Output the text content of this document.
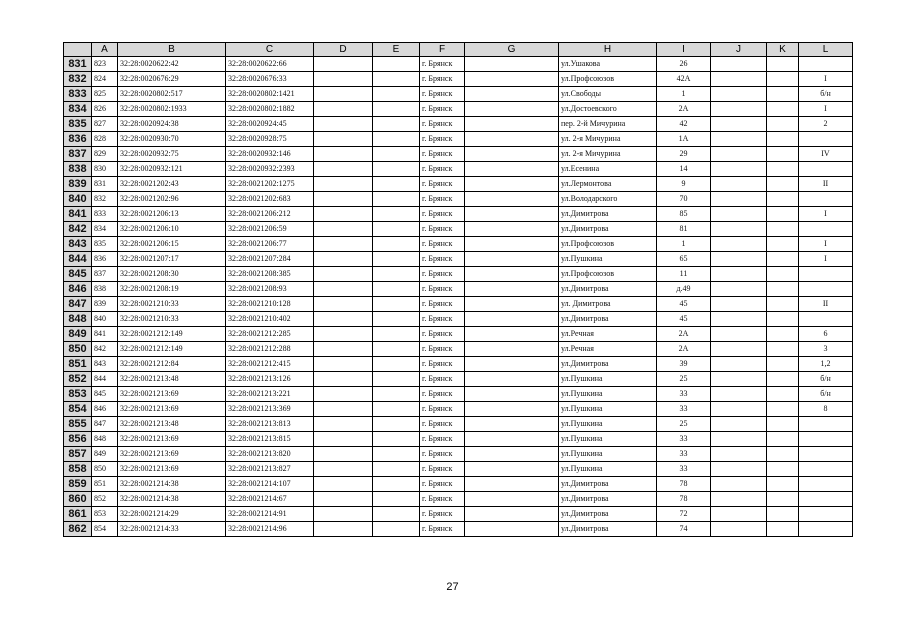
	A	B	C	D	E	F	G	H	I	J	K	L
831	823	32:28:0020622:42	32:28:0020622:66			г. Брянск		ул.Ушакова	26			
832	824	32:28:0020676:29	32:28:0020676:33			г. Брянск		ул.Профсоюзов	42А			I
833	825	32:28:0020802:517	32:28:0020802:1421			г. Брянск		ул.Свободы	1			б/н
834	826	32:28:0020802:1933	32:28:0020802:1882			г. Брянск		ул.Достоевского	2А			I
835	827	32:28:0020924:38	32:28:0020924:45			г. Брянск		пер. 2-й Мичурина	42			2
836	828	32:28:0020930:70	32:28:0020928:75			г. Брянск		ул. 2-я Мичурина	1А			
837	829	32:28:0020932:75	32:28:0020932:146			г. Брянск		ул. 2-я Мичурина	29			IV
838	830	32:28:0020932:121	32:28:0020932:2393			г. Брянск		ул.Есенина	14			
839	831	32:28:0021202:43	32:28:0021202:1275			г. Брянск		ул.Лермонтова	9			II
840	832	32:28:0021202:96	32:28:0021202:683			г. Брянск		ул.Володарского	70			
841	833	32:28:0021206:13	32:28:0021206:212			г. Брянск		ул.Димитрова	85			I
842	834	32:28:0021206:10	32:28:0021206:59			г. Брянск		ул.Димитрова	81			
843	835	32:28:0021206:15	32:28:0021206:77			г. Брянск		ул.Профсоюзов	1			I
844	836	32:28:0021207:17	32:28:0021207:284			г. Брянск		ул.Пушкина	65			I
845	837	32:28:0021208:30	32:28:0021208:385			г. Брянск		ул.Профсоюзов	11			
846	838	32:28:0021208:19	32:28:0021208:93			г. Брянск		ул.Димитрова	д.49			
847	839	32:28:0021210:33	32:28:0021210:128			г. Брянск		ул. Димитрова	45			II
848	840	32:28:0021210:33	32:28:0021210:402			г. Брянск		ул.Димитрова	45			
849	841	32:28:0021212:149	32:28:0021212:285			г. Брянск		ул.Речная	2А			6
850	842	32:28:0021212:149	32:28:0021212:288			г. Брянск		ул.Речная	2А			3
851	843	32:28:0021212:84	32:28:0021212:415			г. Брянск		ул.Димитрова	39			1,2
852	844	32:28:0021213:48	32:28:0021213:126			г. Брянск		ул.Пушкина	25			б/н
853	845	32:28:0021213:69	32:28:0021213:221			г. Брянск		ул.Пушкина	33			б/н
854	846	32:28:0021213:69	32:28:0021213:369			г. Брянск		ул.Пушкина	33			8
855	847	32:28:0021213:48	32:28:0021213:813			г. Брянск		ул.Пушкина	25			
856	848	32:28:0021213:69	32:28:0021213:815			г. Брянск		ул.Пушкина	33			
857	849	32:28:0021213:69	32:28:0021213:820			г. Брянск		ул.Пушкина	33			
858	850	32:28:0021213:69	32:28:0021213:827			г. Брянск		ул.Пушкина	33			
859	851	32:28:0021214:38	32:28:0021214:107			г. Брянск		ул.Димитрова	78			
860	852	32:28:0021214:38	32:28:0021214:67			г. Брянск		ул.Димитрова	78			
861	853	32:28:0021214:29	32:28:0021214:91			г. Брянск		ул.Димитрова	72			
862	854	32:28:0021214:33	32:28:0021214:96			г. Брянск		ул.Димитрова	74			
27
